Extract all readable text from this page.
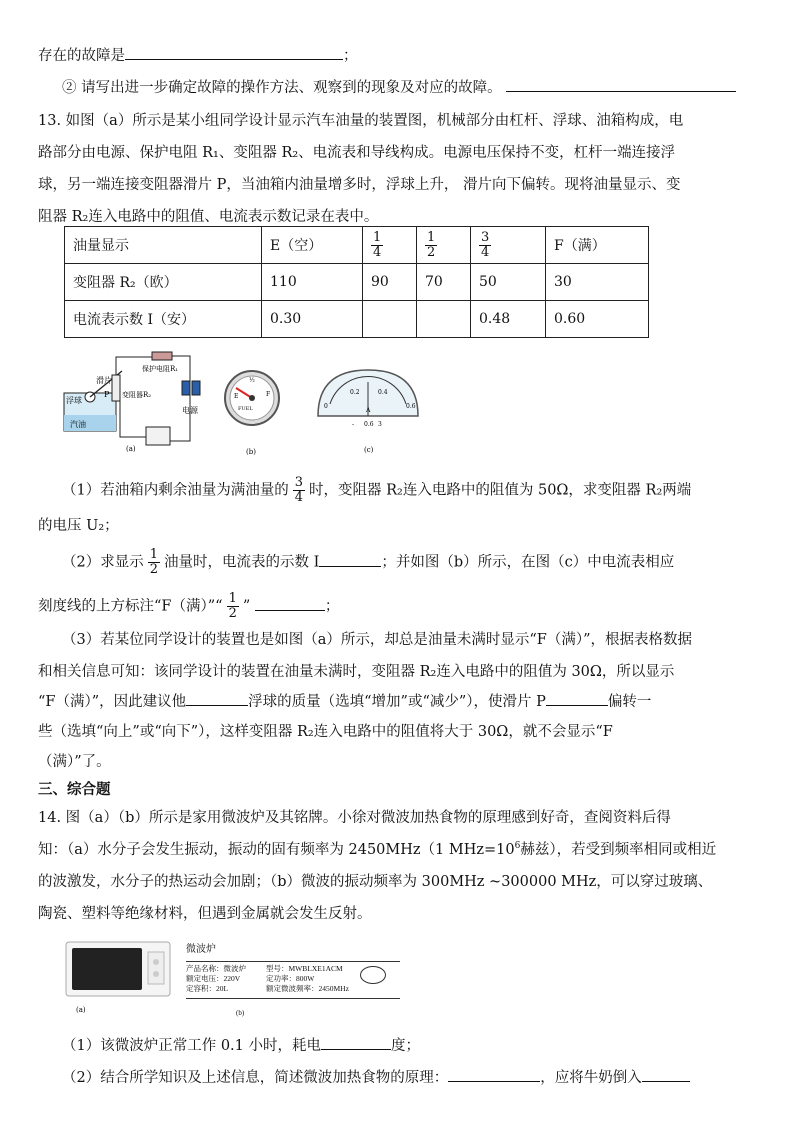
存在的故障是	；
② 请写出进一步确定故障的操作方法、观察到的现象及对应的故障。
13. 如图（a）所示是某小组同学设计显示汽车油量的装置图，机械部分由杠杆、浮球、油箱构成，电
路部分由电源、保护电阻 R₁、变阻器 R₂、电流表和导线构成。电源电压保持不变，杠杆一端连接浮
球，另一端连接变阻器滑片 P，当油箱内油量增多时，浮球上升， 滑片向下偏转。现将油量显示、变
阻器 R₂连入电路中的阻值、电流表示数记录在表中。
油量显示	E（空）	$\frac{1}{4}$	$\frac{1}{2}$	$\frac{3}{4}$	F（满）
变阻器 R₂（欧）	110	90	70	50	30
电流表示数 I（安）	0.30			0.48	0.60
浮球
滑片
保护电阻R₁
变阻器R₂
P
汽油
电源
(a)
F
E
½
FUEL
(b)
0.2	0.4
0	0.6
A
- 0.6 3
(c)
（1）若油箱内剩余油量为满油量的 $\frac{3}{4}$ 时，变阻器 R₂连入电路中的阻值为 50Ω，求变阻器 R₂两端
的电压 U₂；
（2）求显示 $\frac{1}{2}$ 油量时，电流表的示数 I	；并如图（b）所示，在图（c）中电流表相应
刻度线的上方标注“F（满）”“ $\frac{1}{2}$ ”	；
（3）若某位同学设计的装置也是如图（a）所示，却总是油量未满时显示“F（满）”，根据表格数据
和相关信息可知：该同学设计的装置在油量未满时，变阻器 R₂连入电路中的阻值为 30Ω，所以显示
“F（满）”，因此建议他	浮球的质量（选填“增加”或“减少”），使滑片 P	偏转一
些（选填“向上”或“向下”），这样变阻器 R₂连入电路中的阻值将大于 30Ω，就不会显示“F
（满）”了。
三、综合题
14. 图（a）（b）所示是家用微波炉及其铭牌。小徐对微波加热食物的原理感到好奇，查阅资料后得
知：（a）水分子会发生振动，振动的固有频率为 2450MHz（1 $MHz=10^6$赫兹），若受到频率相同或相近
的波激发，水分子的热运动会加剧；（b）微波的振动频率为 300MHz ~300000 MHz，可以穿过玻璃、
陶瓷、塑料等绝缘材料，但遇到金属就会发生反射。
(a)
微波炉
产品名称：微波炉	型号：MWBLXE1ACM
额定电压：220V	定功率：800W
定容积：20L	额定微波频率：2450MHz
(b)
（1）该微波炉正常工作 0.1 小时，耗电	度；
（2）结合所学知识及上述信息，简述微波加热食物的原理：	，应将牛奶倒入
